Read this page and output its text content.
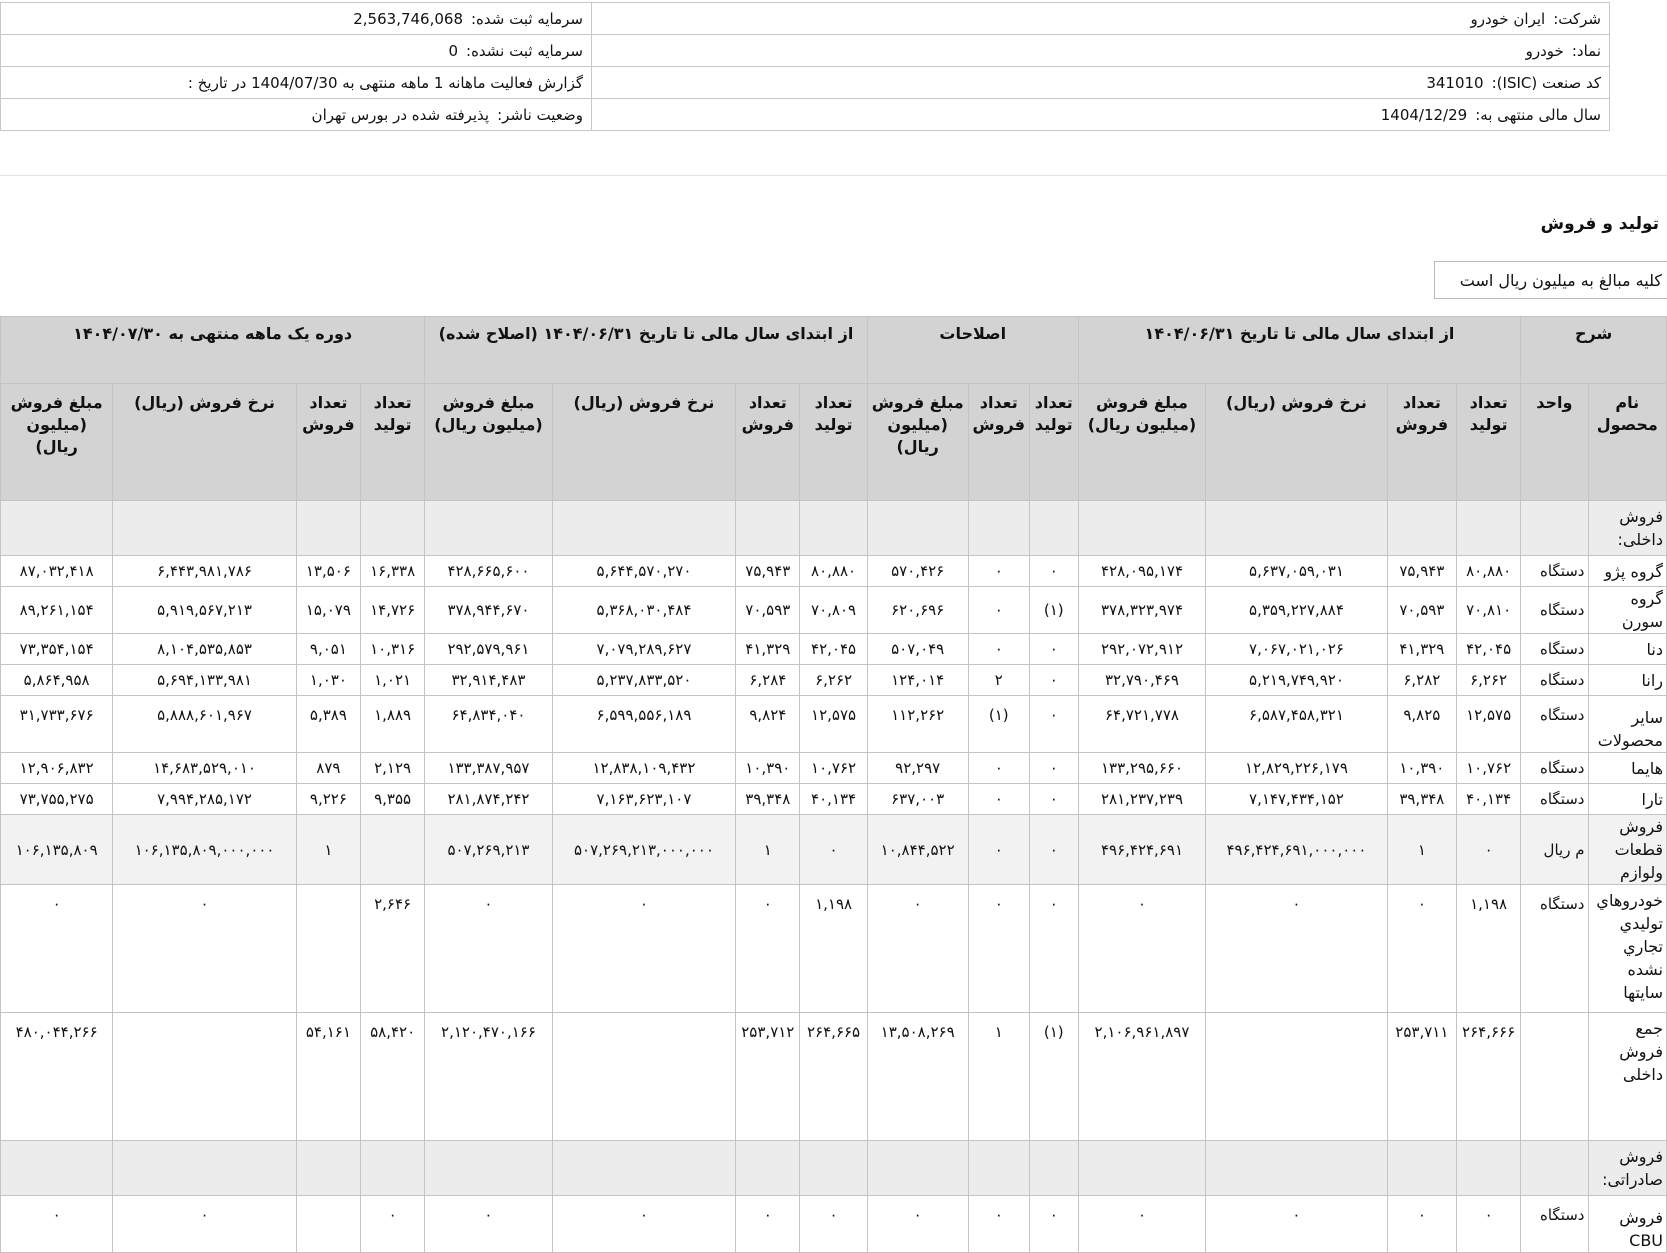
شرکت:ایران خودرو	سرمایه ثبت شده:2,563,746,068
نماد:خودرو	سرمایه ثبت نشده:0
کد صنعت (ISIC):341010	گزارش فعالیت ماهانه 1 ماهه منتهی به 1404/07/30 در تاریخ :
سال مالی منتهی به:1404/12/29	وضعیت ناشر:پذیرفته شده در بورس تهران
تولید و فروش
کلیه مبالغ به میلیون ریال است
شرح		از ابتدای سال مالی تا تاریخ ۱۴۰۴/۰۶/۳۱				اصلاحات			از ابتدای سال مالی تا تاریخ ۱۴۰۴/۰۶/۳۱ (اصلاح شده)				دوره یک ماهه منتهی به ۱۴۰۴/۰۷/۳۰			
نام محصول	واحد	تعداد تولید	تعداد فروش	نرخ فروش (ریال)	مبلغ فروش (میلیون ریال)	تعداد تولید	تعداد فروش	مبلغ فروش (میلیون ریال)	تعداد تولید	تعداد فروش	نرخ فروش (ریال)	مبلغ فروش (میلیون ریال)	تعداد تولید	تعداد فروش	نرخ فروش (ریال)	مبلغ فروش (میلیون ریال)
فروش داخلی:																
گروه پژو	دستگاه	۸۰,۸۸۰	۷۵,۹۴۳	۵,۶۳۷,۰۵۹,۰۳۱	۴۲۸,۰۹۵,۱۷۴	۰	۰	۵۷۰,۴۲۶	۸۰,۸۸۰	۷۵,۹۴۳	۵,۶۴۴,۵۷۰,۲۷۰	۴۲۸,۶۶۵,۶۰۰	۱۶,۳۳۸	۱۳,۵۰۶	۶,۴۴۳,۹۸۱,۷۸۶	۸۷,۰۳۲,۴۱۸
گروه سورن	دستگاه	۷۰,۸۱۰	۷۰,۵۹۳	۵,۳۵۹,۲۲۷,۸۸۴	۳۷۸,۳۲۳,۹۷۴	(۱)	۰	۶۲۰,۶۹۶	۷۰,۸۰۹	۷۰,۵۹۳	۵,۳۶۸,۰۳۰,۴۸۴	۳۷۸,۹۴۴,۶۷۰	۱۴,۷۲۶	۱۵,۰۷۹	۵,۹۱۹,۵۶۷,۲۱۳	۸۹,۲۶۱,۱۵۴
دنا	دستگاه	۴۲,۰۴۵	۴۱,۳۲۹	۷,۰۶۷,۰۲۱,۰۲۶	۲۹۲,۰۷۲,۹۱۲	۰	۰	۵۰۷,۰۴۹	۴۲,۰۴۵	۴۱,۳۲۹	۷,۰۷۹,۲۸۹,۶۲۷	۲۹۲,۵۷۹,۹۶۱	۱۰,۳۱۶	۹,۰۵۱	۸,۱۰۴,۵۳۵,۸۵۳	۷۳,۳۵۴,۱۵۴
رانا	دستگاه	۶,۲۶۲	۶,۲۸۲	۵,۲۱۹,۷۴۹,۹۲۰	۳۲,۷۹۰,۴۶۹	۰	۲	۱۲۴,۰۱۴	۶,۲۶۲	۶,۲۸۴	۵,۲۳۷,۸۳۳,۵۲۰	۳۲,۹۱۴,۴۸۳	۱,۰۲۱	۱,۰۳۰	۵,۶۹۴,۱۳۳,۹۸۱	۵,۸۶۴,۹۵۸
سایر محصولات	دستگاه	۱۲,۵۷۵	۹,۸۲۵	۶,۵۸۷,۴۵۸,۳۲۱	۶۴,۷۲۱,۷۷۸	۰	(۱)	۱۱۲,۲۶۲	۱۲,۵۷۵	۹,۸۲۴	۶,۵۹۹,۵۵۶,۱۸۹	۶۴,۸۳۴,۰۴۰	۱,۸۸۹	۵,۳۸۹	۵,۸۸۸,۶۰۱,۹۶۷	۳۱,۷۳۳,۶۷۶
هایما	دستگاه	۱۰,۷۶۲	۱۰,۳۹۰	۱۲,۸۲۹,۲۲۶,۱۷۹	۱۳۳,۲۹۵,۶۶۰	۰	۰	۹۲,۲۹۷	۱۰,۷۶۲	۱۰,۳۹۰	۱۲,۸۳۸,۱۰۹,۴۳۲	۱۳۳,۳۸۷,۹۵۷	۲,۱۲۹	۸۷۹	۱۴,۶۸۳,۵۲۹,۰۱۰	۱۲,۹۰۶,۸۳۲
تارا	دستگاه	۴۰,۱۳۴	۳۹,۳۴۸	۷,۱۴۷,۴۳۴,۱۵۲	۲۸۱,۲۳۷,۲۳۹	۰	۰	۶۳۷,۰۰۳	۴۰,۱۳۴	۳۹,۳۴۸	۷,۱۶۳,۶۲۳,۱۰۷	۲۸۱,۸۷۴,۲۴۲	۹,۳۵۵	۹,۲۲۶	۷,۹۹۴,۲۸۵,۱۷۲	۷۳,۷۵۵,۲۷۵
فروش قطعات ولوازم	م ریال	۰	۱	۴۹۶,۴۲۴,۶۹۱,۰۰۰,۰۰۰	۴۹۶,۴۲۴,۶۹۱	۰	۰	۱۰,۸۴۴,۵۲۲	۰	۱	۵۰۷,۲۶۹,۲۱۳,۰۰۰,۰۰۰	۵۰۷,۲۶۹,۲۱۳		۱	۱۰۶,۱۳۵,۸۰۹,۰۰۰,۰۰۰	۱۰۶,۱۳۵,۸۰۹
خودروهاي توليدي تجاري نشده سايتها	دستگاه	۱,۱۹۸	۰	۰	۰	۰	۰	۰	۱,۱۹۸	۰	۰	۰	۲,۶۴۶		۰	۰
جمع فروش داخلی		۲۶۴,۶۶۶	۲۵۳,۷۱۱		۲,۱۰۶,۹۶۱,۸۹۷	(۱)	۱	۱۳,۵۰۸,۲۶۹	۲۶۴,۶۶۵	۲۵۳,۷۱۲		۲,۱۲۰,۴۷۰,۱۶۶	۵۸,۴۲۰	۵۴,۱۶۱		۴۸۰,۰۴۴,۲۶۶
فروش صادراتی:																
فروش CBU	دستگاه	۰	۰	۰	۰	۰	۰	۰	۰	۰	۰	۰	۰		۰	۰
